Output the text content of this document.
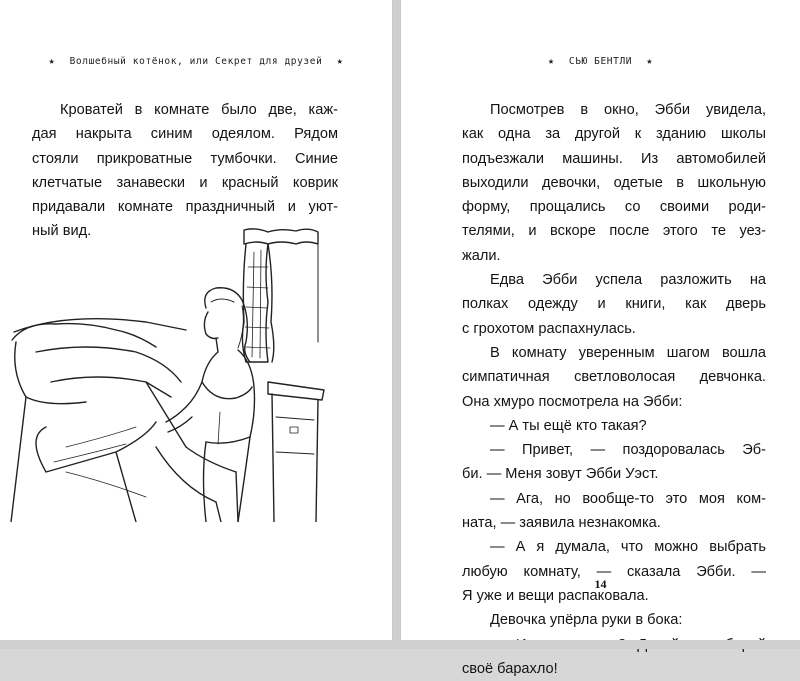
★ Волшебный котёнок, или Секрет для друзей ★

Кроватей в комнате было две, каж-
дая накрыта синим одеялом. Рядом
стояли прикроватные тумбочки. Синие
клетчатые занавески и красный коврик
придавали комнате праздничный и уют-
ный вид.

★ СЬЮ БЕНТЛИ ★

Посмотрев в окно, Эбби увидела,
как одна за другой к зданию школы
подъезжали машины. Из автомобилей
выходили девочки, одетые в школьную
форму, прощались со своими роди-
телями, и вскоре после этого те уез-
жали.

Едва Эбби успела разложить на
полках одежду и книги, как дверь
с грохотом распахнулась.

В комнату уверенным шагом вошла
симпатичная светловолосая девчонка.
Она хмуро посмотрела на Эбби:

— А ты ещё кто такая?

— Привет, — поздоровалась Эб-
би. — Меня зовут Эбби Уэст.

— Ага, но вообще-то это моя ком-
ната, — заявила незнакомка.

— А я думала, что можно выбрать
любую комнату, — сказала Эбби. —
Я уже и вещи распаковала.

Девочка упёрла руки в бока:

своё барахло!

14
